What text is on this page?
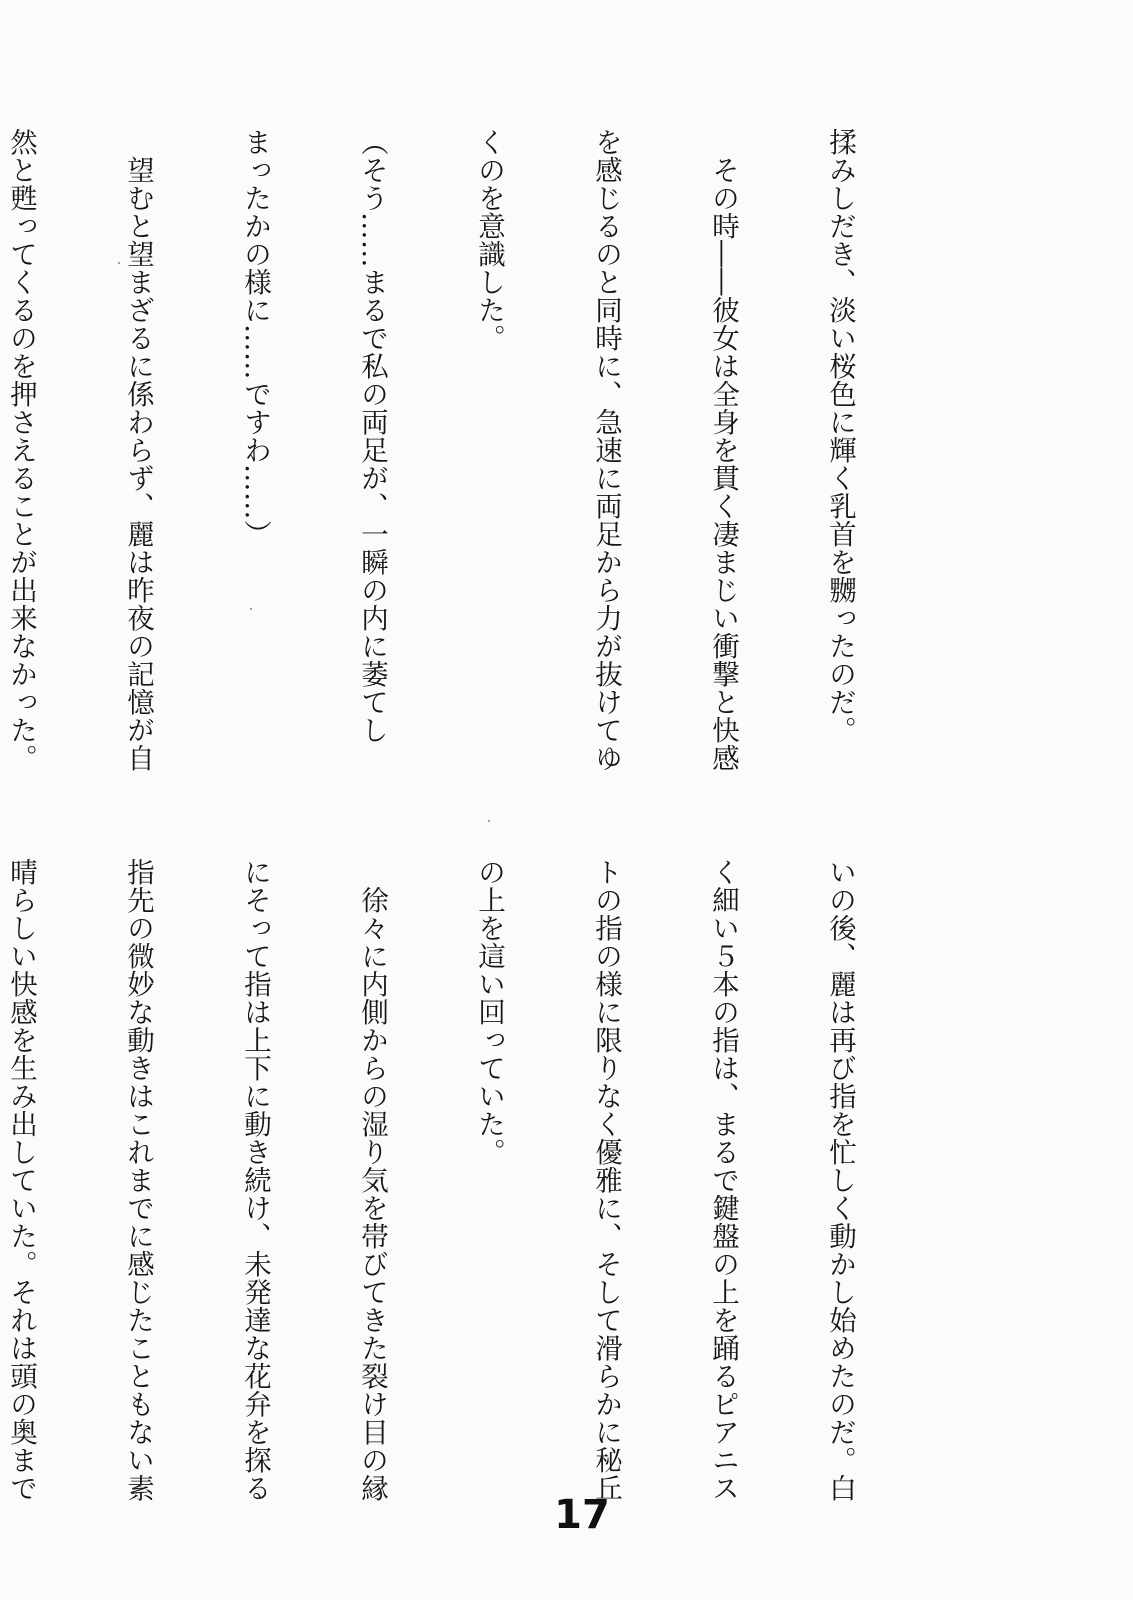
揉みしだき、淡い桜色に輝く乳首を嬲ったのだ。

　その時――彼女は全身を貫く凄まじい衝撃と快感

を感じるのと同時に、急速に両足から力が抜けてゆ

くのを意識した。

（そう……まるで私の両足が、一瞬の内に萎てし

まったかの様に……ですわ……）

　望むと望まざるに係わらず、麗は昨夜の記憶が自

然と甦ってくるのを押さえることが出来なかった。

いの後、麗は再び指を忙しく動かし始めたのだ。白

く細い５本の指は、まるで鍵盤の上を踊るピアニス

トの指の様に限りなく優雅に、そして滑らかに秘丘

の上を這い回っていた。

　徐々に内側からの湿り気を帯びてきた裂け目の縁

にそって指は上下に動き続け、未発達な花弁を探る

指先の微妙な動きはこれまでに感じたこともない素

晴らしい快感を生み出していた。それは頭の奥まで

17
